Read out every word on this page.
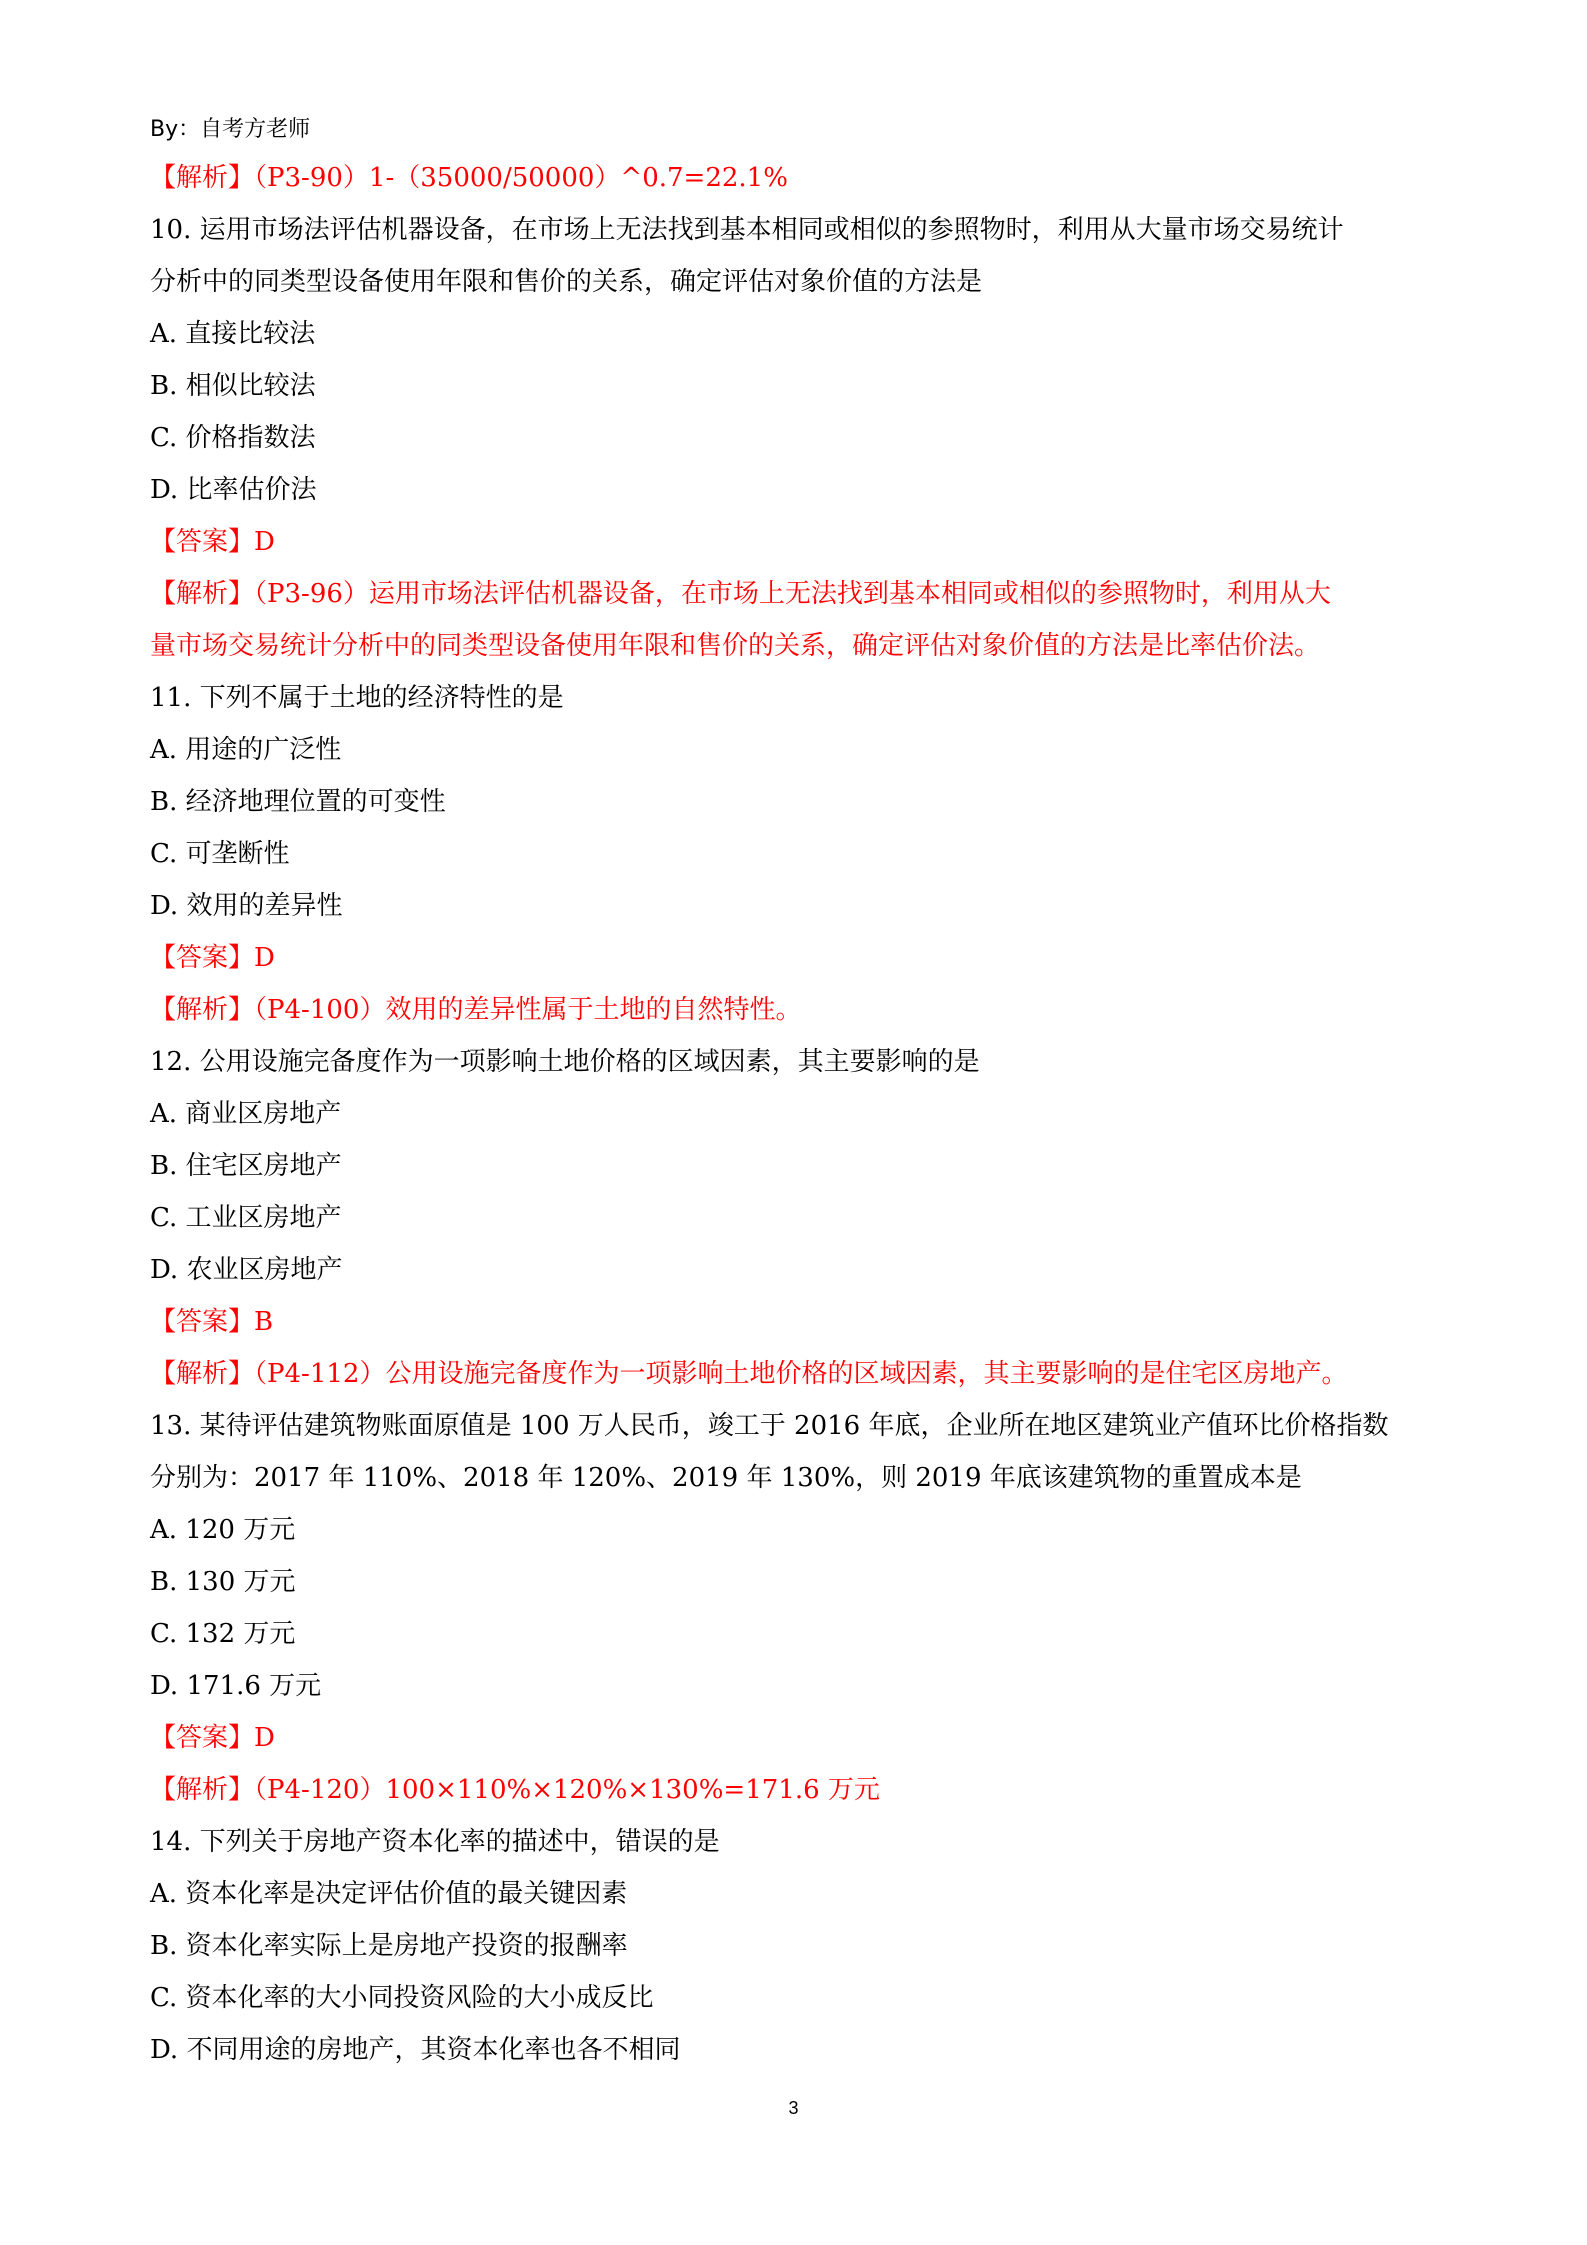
By：自考方老师
【解析】（P3-90）1-（35000/50000）^0.7=22.1%
10. 运用市场法评估机器设备，在市场上无法找到基本相同或相似的参照物时，利用从大量市场交易统计
分析中的同类型设备使用年限和售价的关系，确定评估对象价值的方法是
A. 直接比较法
B. 相似比较法
C. 价格指数法
D. 比率估价法
【答案】D
【解析】（P3-96）运用市场法评估机器设备，在市场上无法找到基本相同或相似的参照物时，利用从大
量市场交易统计分析中的同类型设备使用年限和售价的关系，确定评估对象价值的方法是比率估价法。
11. 下列不属于土地的经济特性的是
A. 用途的广泛性
B. 经济地理位置的可变性
C. 可垄断性
D. 效用的差异性
【答案】D
【解析】（P4-100）效用的差异性属于土地的自然特性。
12. 公用设施完备度作为一项影响土地价格的区域因素，其主要影响的是
A. 商业区房地产
B. 住宅区房地产
C. 工业区房地产
D. 农业区房地产
【答案】B
【解析】（P4-112）公用设施完备度作为一项影响土地价格的区域因素，其主要影响的是住宅区房地产。
13. 某待评估建筑物账面原值是 100 万人民币，竣工于 2016 年底，企业所在地区建筑业产值环比价格指数
分别为：2017 年 110%、2018 年 120%、2019 年 130%，则 2019 年底该建筑物的重置成本是
A. 120 万元
B. 130 万元
C. 132 万元
D. 171.6 万元
【答案】D
【解析】（P4-120）100×110%×120%×130%=171.6 万元
14. 下列关于房地产资本化率的描述中，错误的是
A. 资本化率是决定评估价值的最关键因素
B. 资本化率实际上是房地产投资的报酬率
C. 资本化率的大小同投资风险的大小成反比
D. 不同用途的房地产，其资本化率也各不相同
3
